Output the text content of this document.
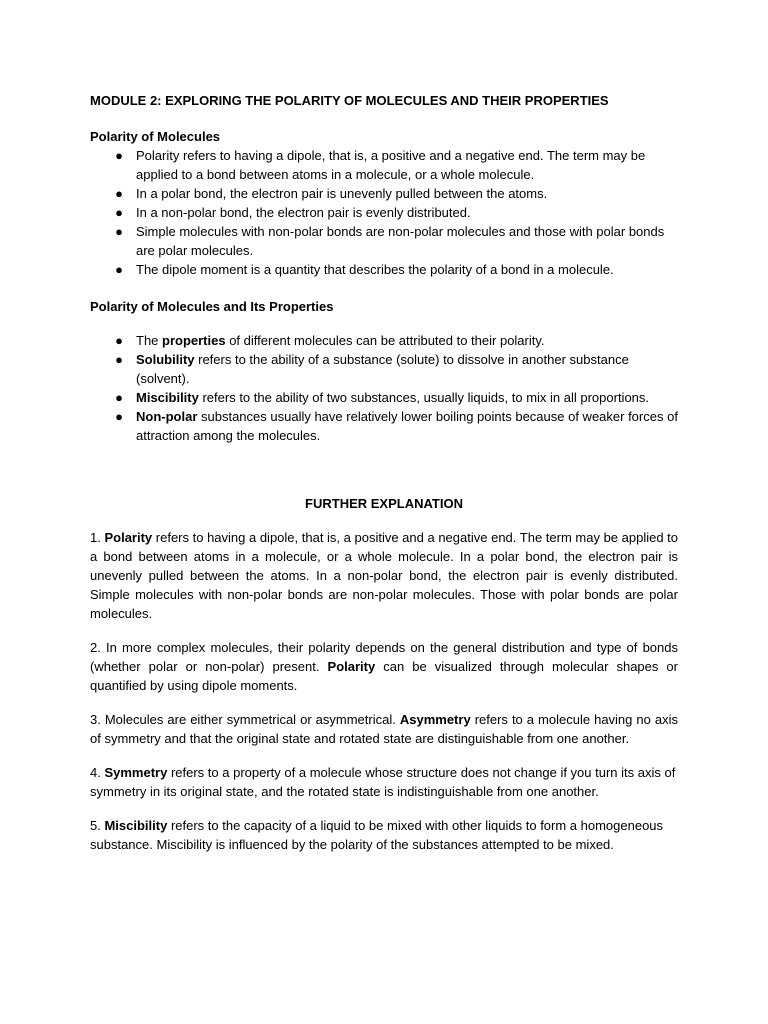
MODULE 2: EXPLORING THE POLARITY OF MOLECULES AND THEIR PROPERTIES
Polarity of Molecules
● Polarity refers to having a dipole, that is, a positive and a negative end. The term may be applied to a bond between atoms in a molecule, or a whole molecule.
● In a polar bond, the electron pair is unevenly pulled between the atoms.
● In a non-polar bond, the electron pair is evenly distributed.
● Simple molecules with non-polar bonds are non-polar molecules and those with polar bonds are polar molecules.
● The dipole moment is a quantity that describes the polarity of a bond in a molecule.
Polarity of Molecules and Its Properties
● The properties of different molecules can be attributed to their polarity.
● Solubility refers to the ability of a substance (solute) to dissolve in another substance (solvent).
● Miscibility refers to the ability of two substances, usually liquids, to mix in all proportions.
● Non-polar substances usually have relatively lower boiling points because of weaker forces of attraction among the molecules.
FURTHER EXPLANATION

1. Polarity refers to having a dipole, that is, a positive and a negative end. The term may be applied to a bond between atoms in a molecule, or a whole molecule. In a polar bond, the electron pair is unevenly pulled between the atoms. In a non-polar bond, the electron pair is evenly distributed. Simple molecules with non-polar bonds are non-polar molecules. Those with polar bonds are polar molecules.

2. In more complex molecules, their polarity depends on the general distribution and type of bonds (whether polar or non-polar) present. Polarity can be visualized through molecular shapes or quantified by using dipole moments.

3. Molecules are either symmetrical or asymmetrical. Asymmetry refers to a molecule having no axis of symmetry and that the original state and rotated state are distinguishable from one another.

4. Symmetry refers to a property of a molecule whose structure does not change if you turn its axis of symmetry in its original state, and the rotated state is indistinguishable from one another.

5. Miscibility refers to the capacity of a liquid to be mixed with other liquids to form a homogeneous substance. Miscibility is influenced by the polarity of the substances attempted to be mixed.
